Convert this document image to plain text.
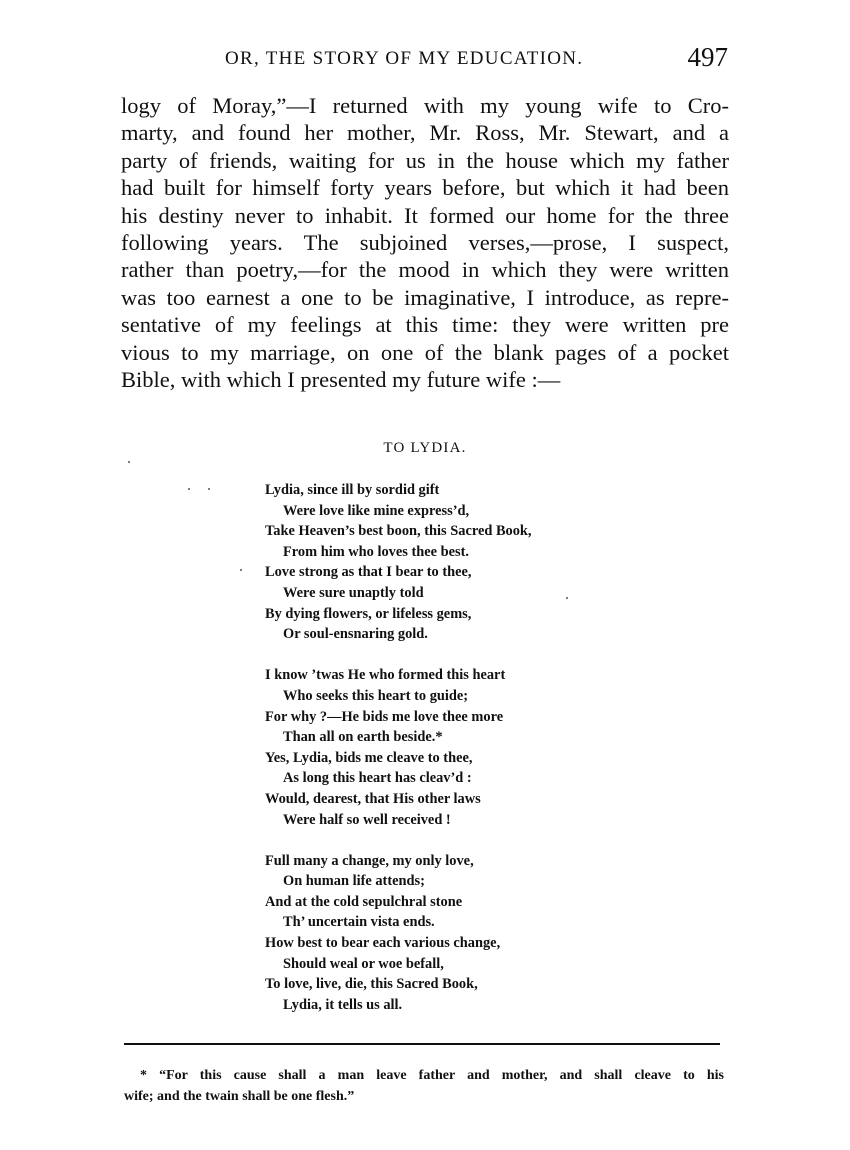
OR, THE STORY OF MY EDUCATION.	497
logy of Moray,”—I returned with my young wife to Cro-
marty, and found her mother, Mr. Ross, Mr. Stewart, and a
party of friends, waiting for us in the house which my father
had built for himself forty years before, but which it had been
his destiny never to inhabit. It formed our home for the three
following years. The subjoined verses,—prose, I suspect,
rather than poetry,—for the mood in which they were written
was too earnest a one to be imaginative, I introduce, as repre-
sentative of my feelings at this time: they were written pre
vious to my marriage, on one of the blank pages of a pocket
Bible, with which I presented my future wife :—
TO LYDIA.
Lydia, since ill by sordid gift
Were love like mine express’d,
Take Heaven’s best boon, this Sacred Book,
From him who loves thee best.
Love strong as that I bear to thee,
Were sure unaptly told
By dying flowers, or lifeless gems,
Or soul-ensnaring gold.
I know ’twas He who formed this heart
Who seeks this heart to guide;
For why ?—He bids me love thee more
Than all on earth beside.*
Yes, Lydia, bids me cleave to thee,
As long this heart has cleav’d :
Would, dearest, that His other laws
Were half so well received !
Full many a change, my only love,
On human life attends;
And at the cold sepulchral stone
Th’ uncertain vista ends.
How best to bear each various change,
Should weal or woe befall,
To love, live, die, this Sacred Book,
Lydia, it tells us all.
* “For this cause shall a man leave father and mother, and shall cleave to his
wife; and the twain shall be one flesh.”
